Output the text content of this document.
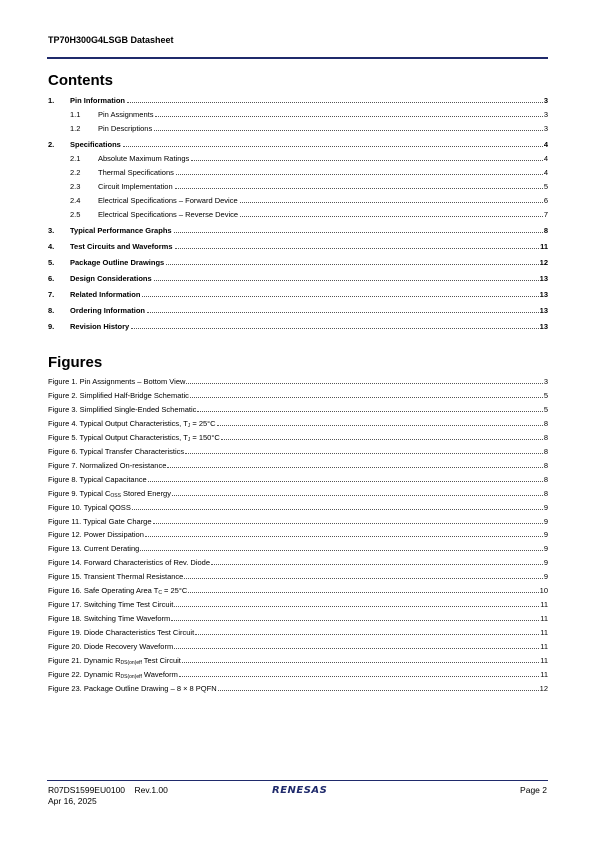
TP70H300G4LSGB Datasheet
Contents
1.	Pin Information	3
1.1	Pin Assignments	3
1.2	Pin Descriptions	3
2.	Specifications	4
2.1	Absolute Maximum Ratings	4
2.2	Thermal Specifications	4
2.3	Circuit Implementation	5
2.4	Electrical Specifications – Forward Device	6
2.5	Electrical Specifications – Reverse Device	7
3.	Typical Performance Graphs	8
4.	Test Circuits and Waveforms	11
5.	Package Outline Drawings	12
6.	Design Considerations	13
7.	Related Information	13
8.	Ordering Information	13
9.	Revision History	13
Figures
Figure 1. Pin Assignments – Bottom View	3
Figure 2. Simplified Half-Bridge Schematic	5
Figure 3. Simplified Single-Ended Schematic	5
Figure 4. Typical Output Characteristics, $T_J = 25^\circ C$	8
Figure 5. Typical Output Characteristics, $T_J = 150^\circ C$	8
Figure 6. Typical Transfer Characteristics	8
Figure 7. Normalized On-resistance	8
Figure 8. Typical Capacitance	8
Figure 9. Typical $C_{OSS}$ Stored Energy	8
Figure 10. Typical QOSS	9
Figure 11. Typical Gate Charge	9
Figure 12. Power Dissipation	9
Figure 13. Current Derating	9
Figure 14. Forward Characteristics of Rev. Diode	9
Figure 15. Transient Thermal Resistance	9
Figure 16. Safe Operating Area $T_C = 25^\circ C$	10
Figure 17. Switching Time Test Circuit	11
Figure 18. Switching Time Waveform	11
Figure 19. Diode Characteristics Test Circuit	11
Figure 20. Diode Recovery Waveform	11
Figure 21. Dynamic $R_{DS(on)eff}$ Test Circuit	11
Figure 22. Dynamic $R_{DS(on)eff}$ Waveform	11
Figure 23. Package Outline Drawing – 8 × 8 PQFN	12
R07DS1599EU0100 Rev.1.00
Apr 16, 2025
RENESAS	Page 2
